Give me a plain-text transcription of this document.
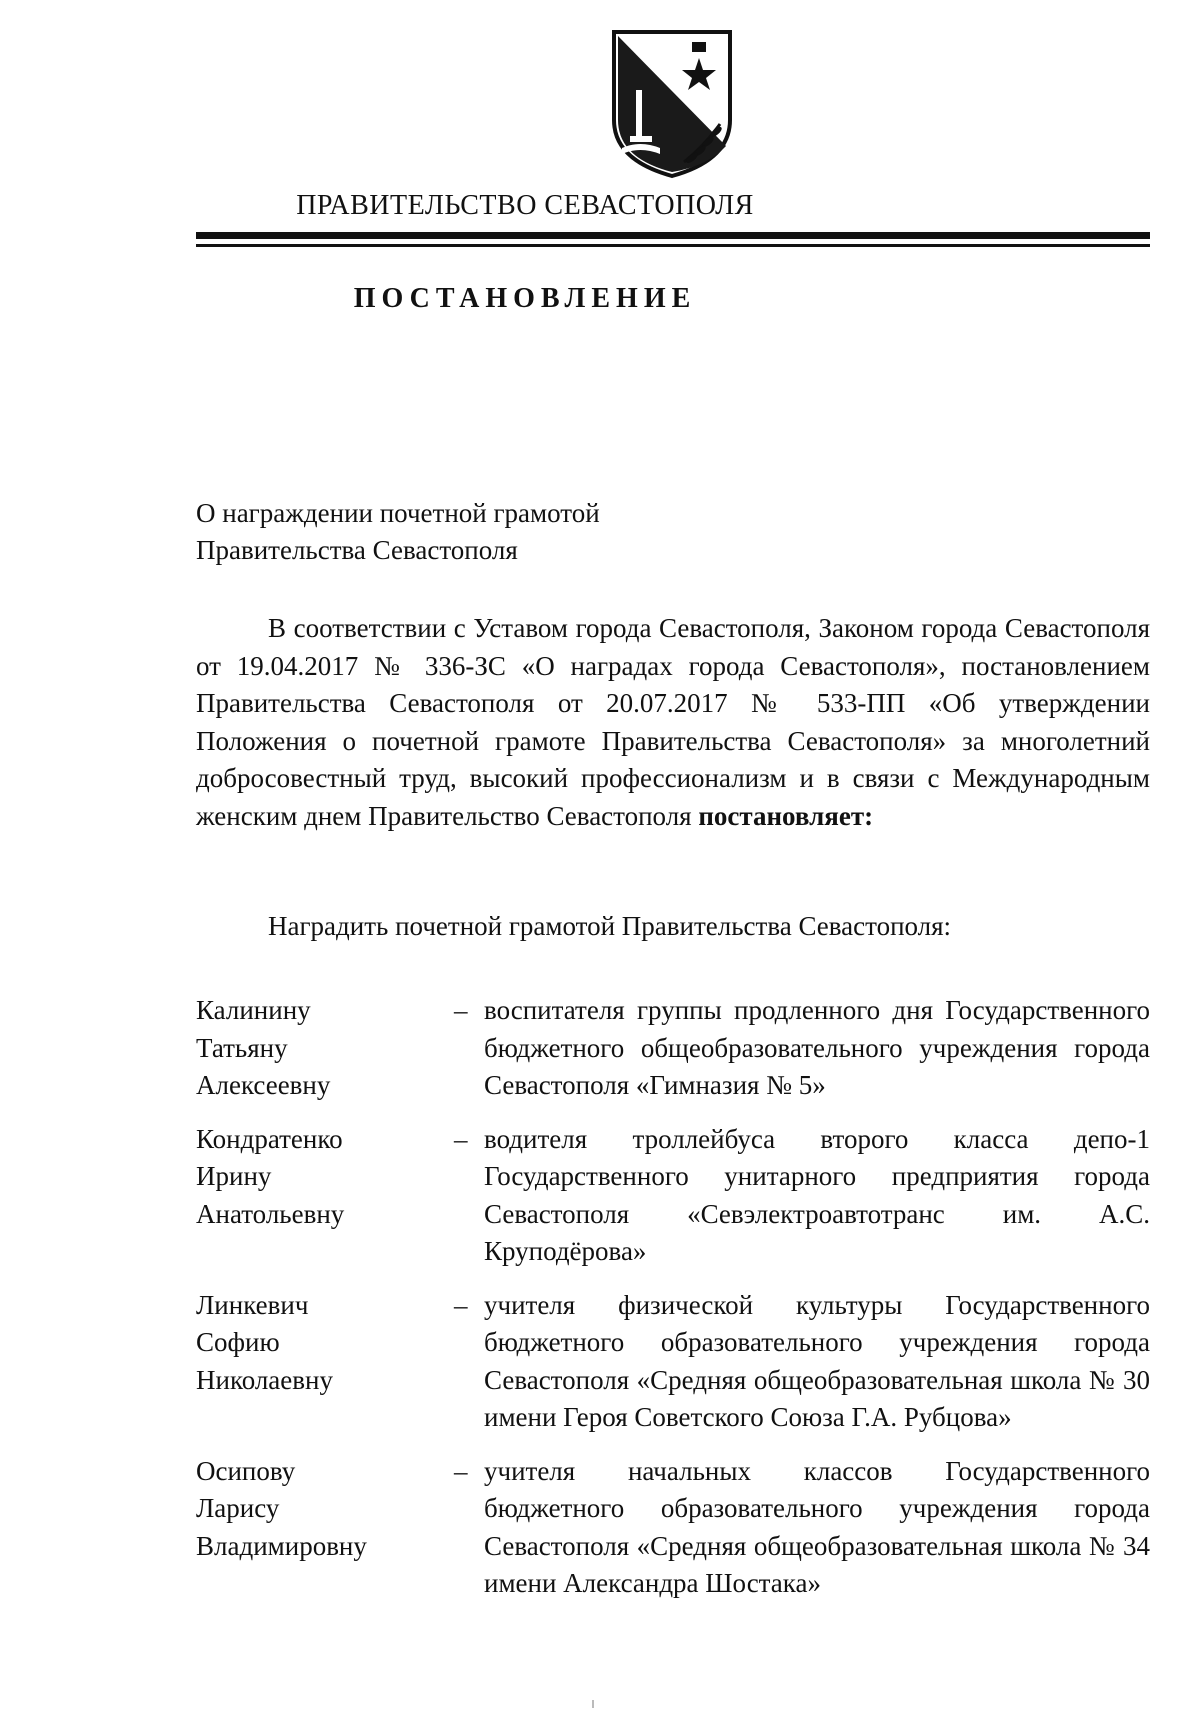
ПРАВИТЕЛЬСТВО СЕВАСТОПОЛЯ
ПОСТАНОВЛЕНИЕ
О награждении почетной грамотой
Правительства Севастополя
В соответствии с Уставом города Севастополя, Законом города Севастополя от 19.04.2017 № 336-ЗС «О наградах города Севастополя», постановлением Правительства Севастополя от 20.07.2017 № 533-ПП «Об утверждении Положения о почетной грамоте Правительства Севастополя» за многолетний добросовестный труд, высокий профессионализм и в связи с Международным женским днем Правительство Севастополя постановляет:
Наградить почетной грамотой Правительства Севастополя:
Калинину
Татьяну
Алексеевну
– воспитателя группы продленного дня Государственного бюджетного общеобразовательного учреждения города Севастополя «Гимназия № 5»
Кондратенко
Ирину
Анатольевну
– водителя троллейбуса второго класса депо-1 Государственного унитарного предприятия города Севастополя «Севэлектроавтотранс им. А.С. Круподёрова»
Линкевич
Софию
Николаевну
– учителя физической культуры Государственного бюджетного образовательного учреждения города Севастополя «Средняя общеобразовательная школа № 30 имени Героя Советского Союза Г.А. Рубцова»
Осипову
Ларису
Владимировну
– учителя начальных классов Государственного бюджетного образовательного учреждения города Севастополя «Средняя общеобразовательная школа № 34 имени Александра Шостака»
